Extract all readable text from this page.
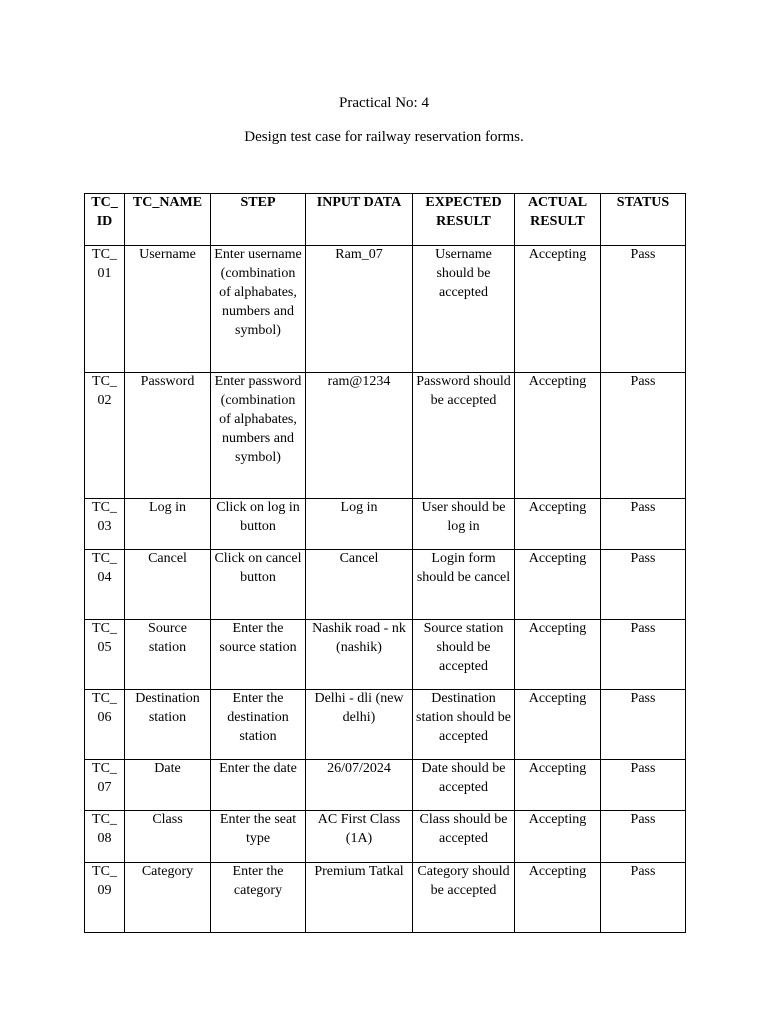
Practical No: 4
Design test case for railway reservation forms.
TC_ ID	TC_NAME	STEP	INPUT DATA	EXPECTED RESULT	ACTUAL RESULT	STATUS

TC_ 01	Username	Enter username (combination of alphabates, numbers and symbol)	Ram_07	Username should be accepted	Accepting	Pass

TC_ 02	Password	Enter password (combination of alphabates, numbers and symbol)	ram@1234	Password should be accepted	Accepting	Pass

TC_ 03	Log in	Click on log in button	Log in	User should be log in	Accepting	Pass

TC_ 04	Cancel	Click on cancel button	Cancel	Login form should be cancel	Accepting	Pass

TC_ 05	Source station	Enter the source station	Nashik road - nk (nashik)	Source station should be accepted	Accepting	Pass

TC_ 06	Destination station	Enter the destination station	Delhi - dli (new delhi)	Destination station should be accepted	Accepting	Pass

TC_ 07	Date	Enter the date	26/07/2024	Date should be accepted	Accepting	Pass

TC_ 08	Class	Enter the seat type	AC First Class (1A)	Class should be accepted	Accepting	Pass

TC_ 09	Category	Enter the category	Premium Tatkal	Category should be accepted	Accepting	Pass
